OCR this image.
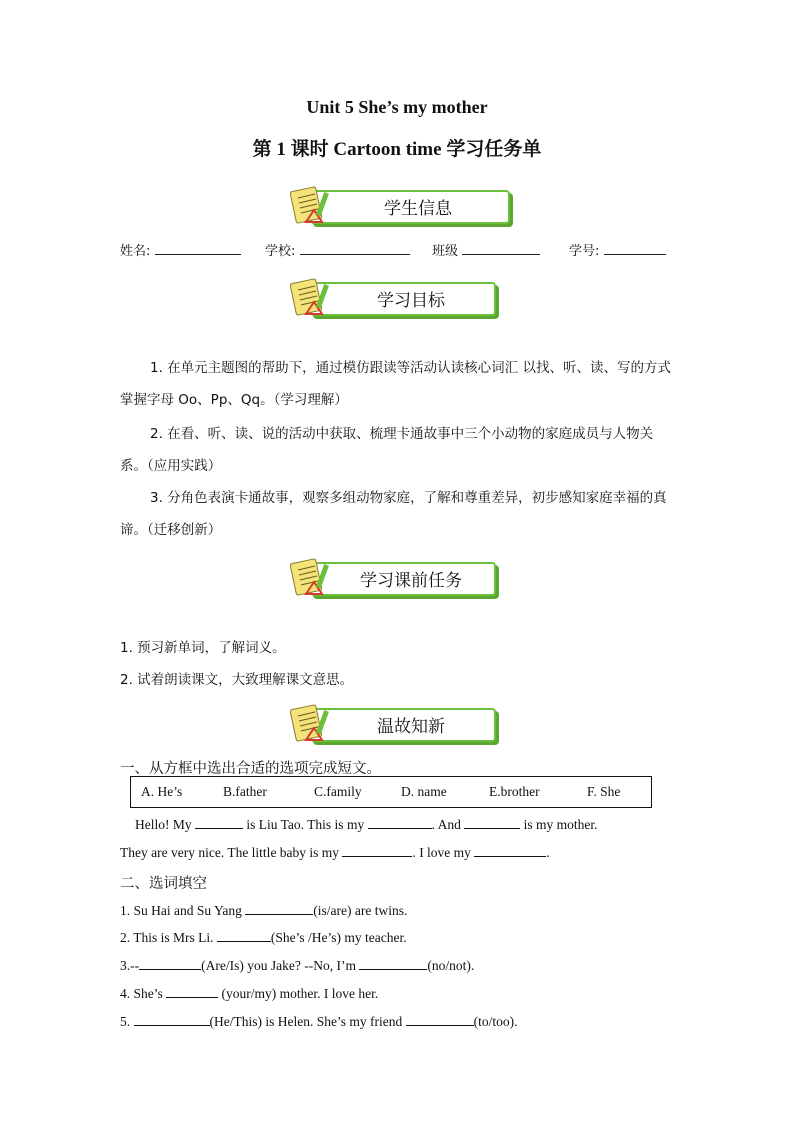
Unit 5 She’s my mother
第 1 课时 Cartoon time 学习任务单
学生信息
姓名:	学校:	班级	学号:
学习目标
1. 在单元主题图的帮助下，通过模仿跟读等活动认读核心词汇 以找、听、读、写的方式掌握字母 Oo、Pp、Qq。（学习理解）
2. 在看、听、读、说的活动中获取、梳理卡通故事中三个小动物的家庭成员与人物关系。（应用实践）
3. 分角色表演卡通故事，观察多组动物家庭，了解和尊重差异，初步感知家庭幸福的真谛。（迁移创新）
学习课前任务
1. 预习新单词，了解词义。
2. 试着朗读课文，大致理解课文意思。
温故知新
一、从方框中选出合适的选项完成短文。
A. He’s	B.father	C.family	D. name	E.brother	F. She
Hello! My	is Liu Tao. This is my	. And	is my mother.
They are very nice. The little baby is my	. I love my	.
二、选词填空
1. Su Hai and Su Yang	(is/are) are twins.
2. This is Mrs Li.	(She’s /He’s) my teacher.
3.--	(Are/Is) you Jake? --No, I’m	(no/not).
4. She’s	(your/my) mother. I love her.
5.	(He/This) is Helen. She’s my friend	(to/too).
